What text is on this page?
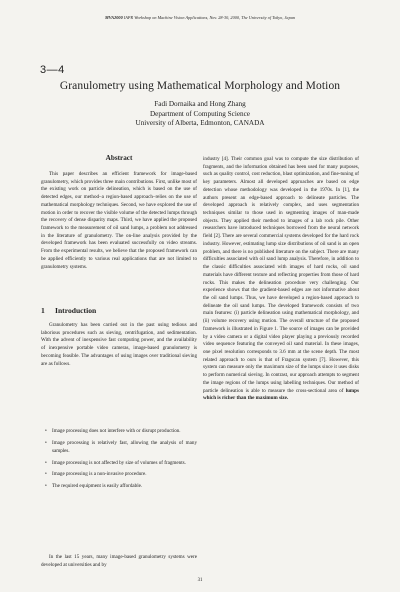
MVA2000 IAPR Workshop on Machine Vision Applications, Nov. 28-30, 2000, The University of Tokyo, Japan
3—4
Granulometry using Mathematical Morphology and Motion
Fadi Dornaika and Hong Zhang
Department of Computing Science
University of Alberta, Edmonton, CANADA
Abstract
This paper describes an efficient framework for image-based granulometry, which provides three main contributions. First, unlike most of the existing work on particle delineation, which is based on the use of detected edges, our method–a region-based approach–relies on the use of mathematical morphology techniques. Second, we have explored the use of motion in order to recover the visible volume of the detected lumps through the recovery of dense disparity maps. Third, we have applied the proposed framework to the measurement of oil sand lumps, a problem not addressed in the literature of granulometry. The on-line analysis provided by the developed framework has been evaluated successfully on video streams. From the experimental results, we believe that the proposed framework can be applied efficiently to various real applications that are not limited to granulometry systems.
1 Introduction
Granulometry has been carried out in the past using tedious and laborious procedures such as sieving, centrifugation, and sedimentation. With the advent of inexpensive fast computing power, and the availability of inexpensive portable video cameras, image-based granulometry is becoming feasible. The advantages of using images over traditional sieving are as follows.
• Image processing does not interfere with or disrupt production.
• Image processing is relatively fast, allowing the analysis of many samples.
• Image processing is not affected by size of volumes of fragments.
• Image processing is a non-invasive procedure.
• The required equipment is easily affordable.
In the last 15 years, many image-based granulometry systems were developed at universities and by
industry [4]. Their common goal was to compute the size distribution of fragments, and the information obtained has been used for many purposes, such as quality control, cost reduction, blast optimization, and fine-tuning of key parameters. Almost all developed approaches are based on edge detection whose methodology was developed in the 1970s. In [1], the authors present an edge-based approach to delineate particles. The developed approach is relatively complex, and uses segmentation techniques similar to those used in segmenting images of man-made objects. They applied their method to images of a lab rock pile. Other researchers have introduced techniques borrowed from the neural network field [2]. There are several commercial systems developed for the hard rock industry. However, estimating lump size distributions of oil sand is an open problem, and there is no published literature on the subject. There are many difficulties associated with oil sand lump analysis. Therefore, in addition to the classic difficulties associated with images of hard rocks, oil sand materials have different texture and reflecting properties from those of hard rocks. This makes the delineation procedure very challenging. Our experience shows that the gradient-based edges are not informative about the oil sand lumps. Thus, we have developed a region-based approach to delineate the oil sand lumps. The developed framework consists of two main features: (i) particle delineation using mathematical morphology, and (ii) volume recovery using motion. The overall structure of the proposed framework is illustrated in Figure 1. The source of images can be provided by a video camera or a digital video player playing a previously recorded video sequence featuring the conveyed oil sand material. In these images, one pixel resolution corresponds to 3.6 mm at the scene depth. The most related approach to ours is that of Fragscan system [7]. However, this system can measure only the maximum size of the lumps since it uses disks to perform numerical sieving. In contrast, our approach attempts to segment the image regions of the lumps using labelling techniques. Our method of particle delineation is able to measure the cross-sectional area of lumps which is richer than the maximum size.
31
